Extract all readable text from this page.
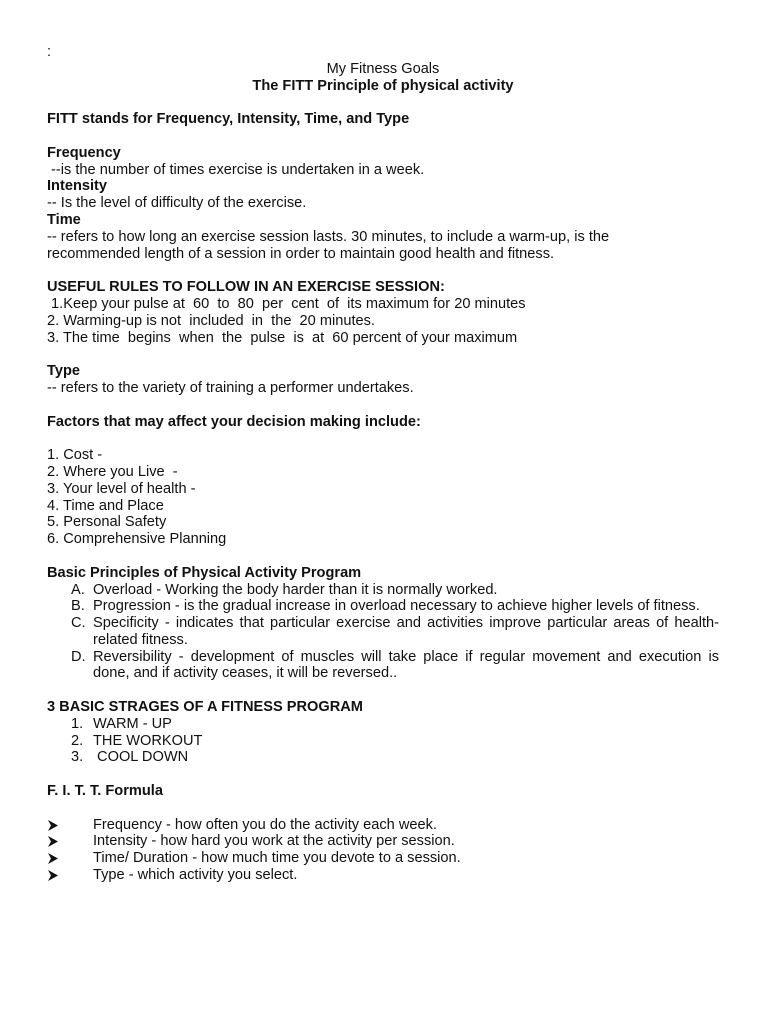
:
My Fitness Goals
The FITT Principle of physical activity
FITT stands for Frequency, Intensity, Time, and Type
Frequency
--is the number of times exercise is undertaken in a week.
Intensity
-- Is the level of difficulty of the exercise.
Time
-- refers to how long an exercise session lasts. 30 minutes, to include a warm-up, is the
recommended length of a session in order to maintain good health and fitness.
USEFUL RULES TO FOLLOW IN AN EXERCISE SESSION:
1.Keep your pulse at  60  to  80  per  cent  of  its maximum for 20 minutes
2. Warming-up is not  included  in  the  20 minutes.
3. The time  begins  when  the  pulse  is  at  60 percent of your maximum
Type
-- refers to the variety of training a performer undertakes.
Factors that may affect your decision making include:
1. Cost -
2. Where you Live  -
3. Your level of health -
4. Time and Place
5. Personal Safety
6. Comprehensive Planning
Basic Principles of Physical Activity Program
A. Overload - Working the body harder than it is normally worked.
B. Progression - is the gradual increase in overload necessary to achieve higher levels of fitness.
C. Specificity - indicates that particular exercise and activities improve particular areas of health-related fitness.
D. Reversibility - development of muscles will take place if regular movement and execution is done, and if activity ceases, it will be reversed..
3 BASIC STRAGES OF A FITNESS PROGRAM
1. WARM - UP
2. THE WORKOUT
3. COOL DOWN
F. I. T. T. Formula
Frequency - how often you do the activity each week.
Intensity - how hard you work at the activity per session.
Time/ Duration - how much time you devote to a session.
Type - which activity you select.
